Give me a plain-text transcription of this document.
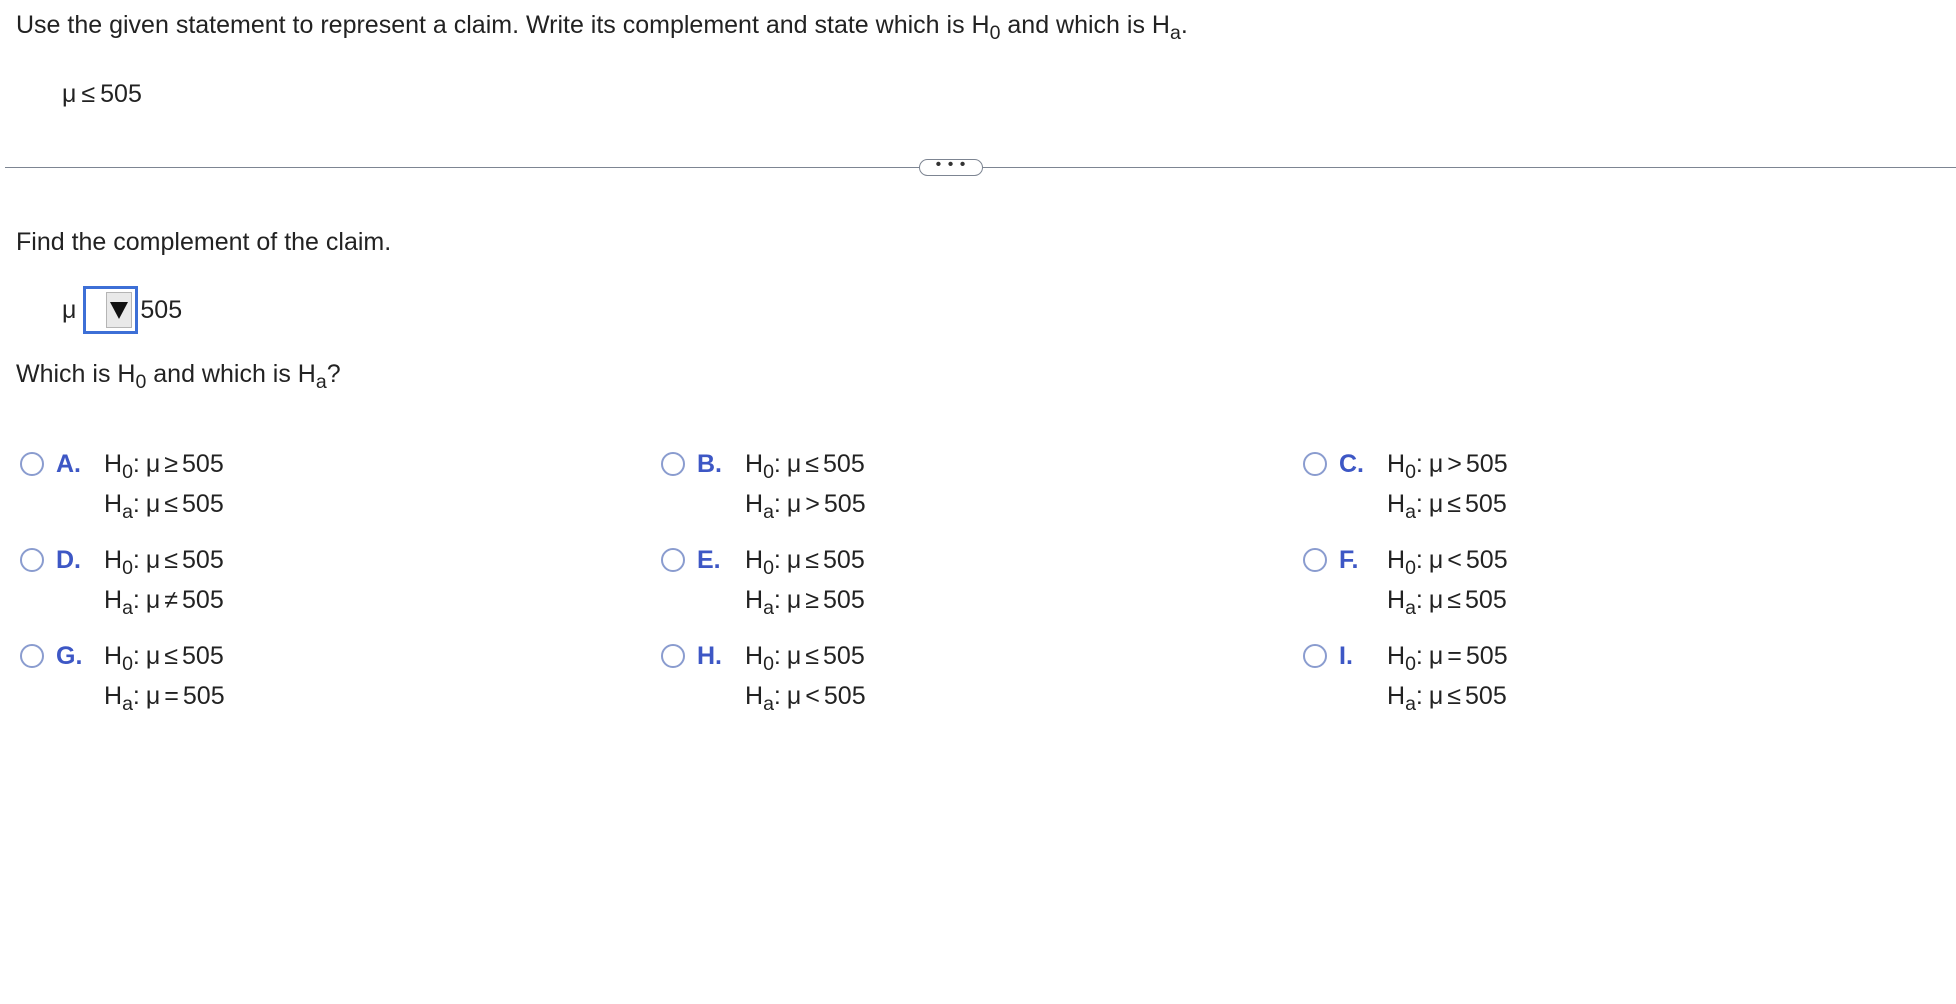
Use the given statement to represent a claim. Write its complement and state which is $H_0$ and which is $H_a$.
μ ≤ 505
• • •
Find the complement of the claim.
μ	505
Which is $H_0$ and which is $H_a$?
A. $H_0$: μ ≥ 505
$H_a$: μ ≤ 505
B. $H_0$: μ ≤ 505
$H_a$: μ > 505
C. $H_0$: μ > 505
$H_a$: μ ≤ 505
D. $H_0$: μ ≤ 505
$H_a$: μ ≠ 505
E. $H_0$: μ ≤ 505
$H_a$: μ ≥ 505
F.	$H_0$: μ < 505
$H_a$: μ ≤ 505
G. $H_0$: μ ≤ 505
$H_a$: μ = 505
H. $H_0$: μ ≤ 505
$H_a$: μ < 505
I.	$H_0$: μ = 505
$H_a$: μ ≤ 505
